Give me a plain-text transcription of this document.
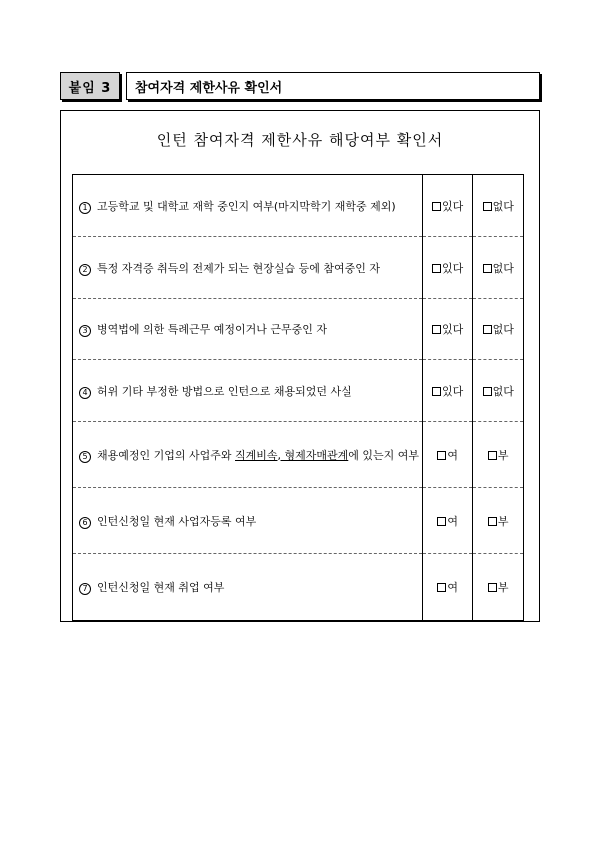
붙임 3	참여자격 제한사유 확인서
인턴 참여자격 제한사유 해당여부 확인서
1 고등학교 및 대학교 재학 중인지 여부(마지막학기 재학중 제외)	있다	없다
2 특정 자격증 취득의 전제가 되는 현장실습 등에 참여중인 자	있다	없다
3 병역법에 의한 특례근무 예정이거나 근무중인 자	있다	없다
4 허위 기타 부정한 방법으로 인턴으로 채용되었던 사실	있다	없다
5 채용예정인 기업의 사업주와 직계비속, 형제자매관계에 있는지 여부	여	부
6 인턴신청일 현재 사업자등록 여부	여	부
7 인턴신청일 현재 취업 여부	여	부
